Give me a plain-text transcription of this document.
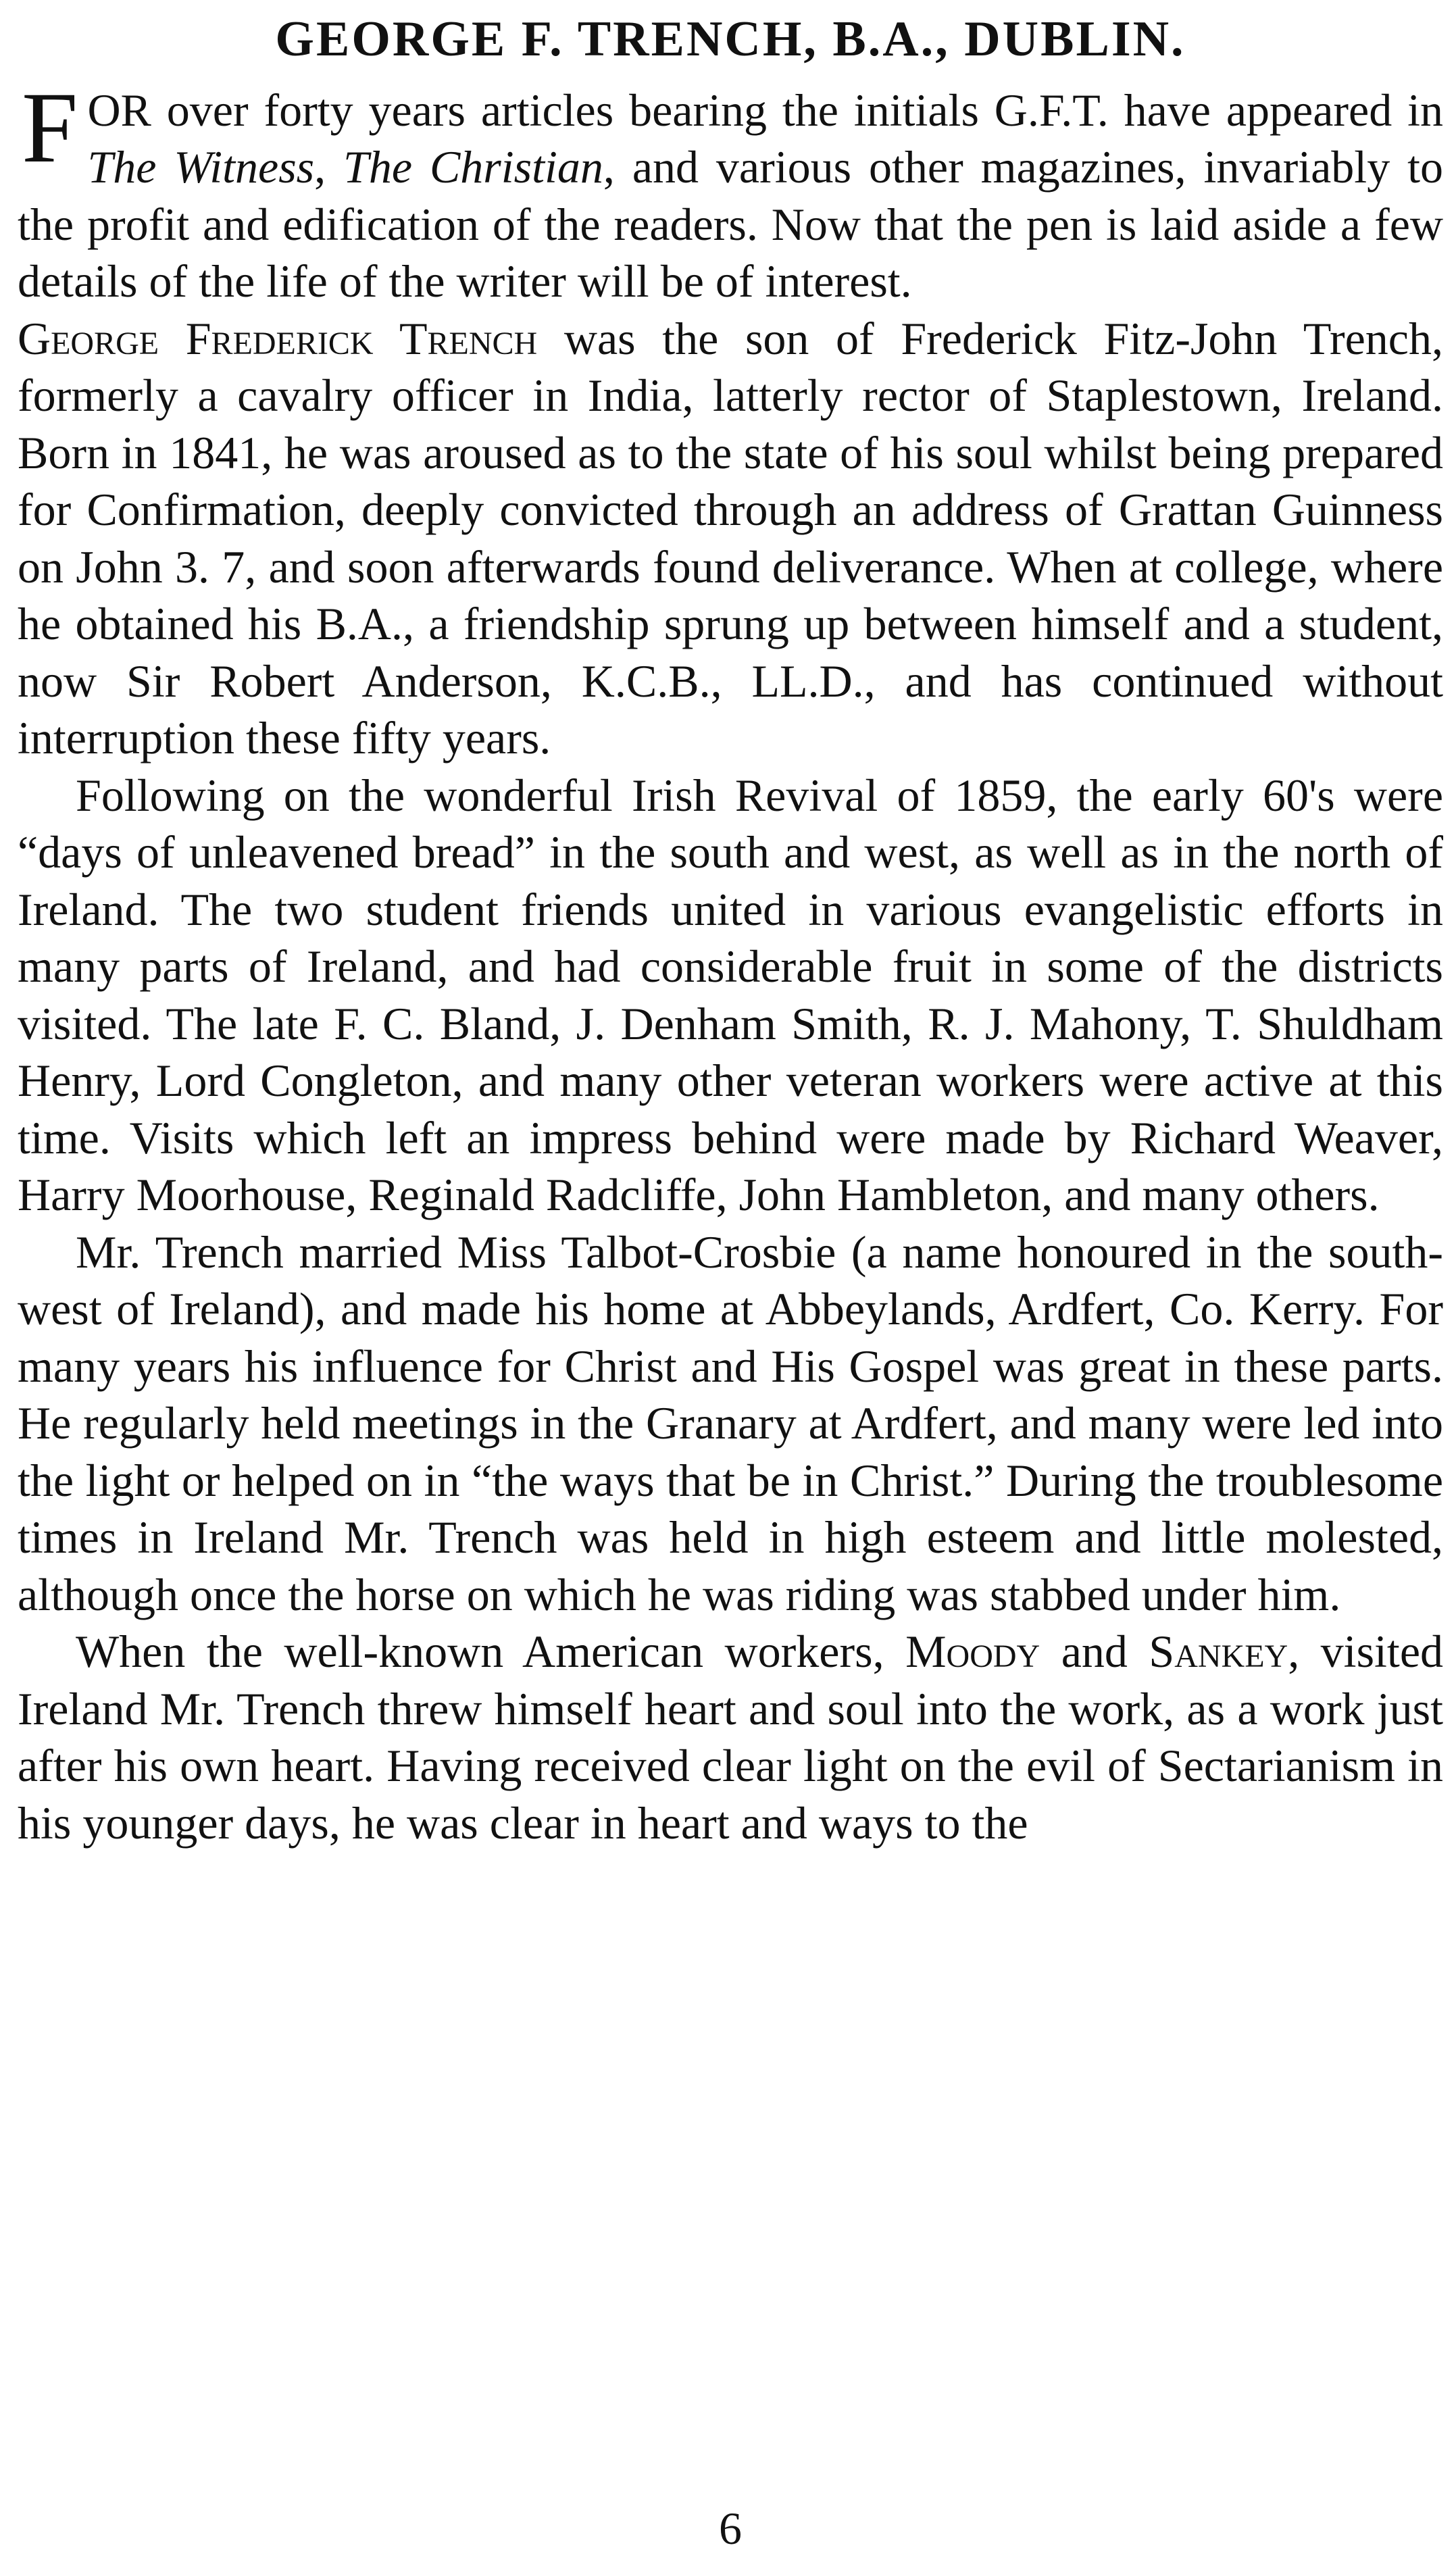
GEORGE F. TRENCH, B.A., DUBLIN.

FOR over forty years articles bearing the initials G.F.T. have appeared in The Witness, The Christian, and various other magazines, invariably to the profit and edification of the readers. Now that the pen is laid aside a few details of the life of the writer will be of interest.

George Frederick Trench was the son of Frederick Fitz-John Trench, formerly a cavalry officer in India, latterly rector of Staplestown, Ireland. Born in 1841, he was aroused as to the state of his soul whilst being prepared for Confirmation, deeply convicted through an address of Grattan Guinness on John 3. 7, and soon afterwards found deliverance. When at college, where he obtained his B.A., a friendship sprung up between himself and a student, now Sir Robert Anderson, K.C.B., LL.D., and has continued without interruption these fifty years.

Following on the wonderful Irish Revival of 1859, the early 60's were “days of unleavened bread” in the south and west, as well as in the north of Ireland. The two student friends united in various evangelistic efforts in many parts of Ireland, and had considerable fruit in some of the districts visited. The late F. C. Bland, J. Denham Smith, R. J. Mahony, T. Shuldham Henry, Lord Congleton, and many other veteran workers were active at this time. Visits which left an impress behind were made by Richard Weaver, Harry Moorhouse, Reginald Radcliffe, John Hambleton, and many others.

Mr. Trench married Miss Talbot-Crosbie (a name honoured in the south-west of Ireland), and made his home at Abbeylands, Ardfert, Co. Kerry. For many years his influence for Christ and His Gospel was great in these parts. He regularly held meetings in the Granary at Ardfert, and many were led into the light or helped on in “the ways that be in Christ.” During the troublesome times in Ireland Mr. Trench was held in high esteem and little molested, although once the horse on which he was riding was stabbed under him.

When the well-known American workers, Moody and Sankey, visited Ireland Mr. Trench threw himself heart and soul into the work, as a work just after his own heart. Having received clear light on the evil of Sectarianism in his younger days, he was clear in heart and ways to the

6
